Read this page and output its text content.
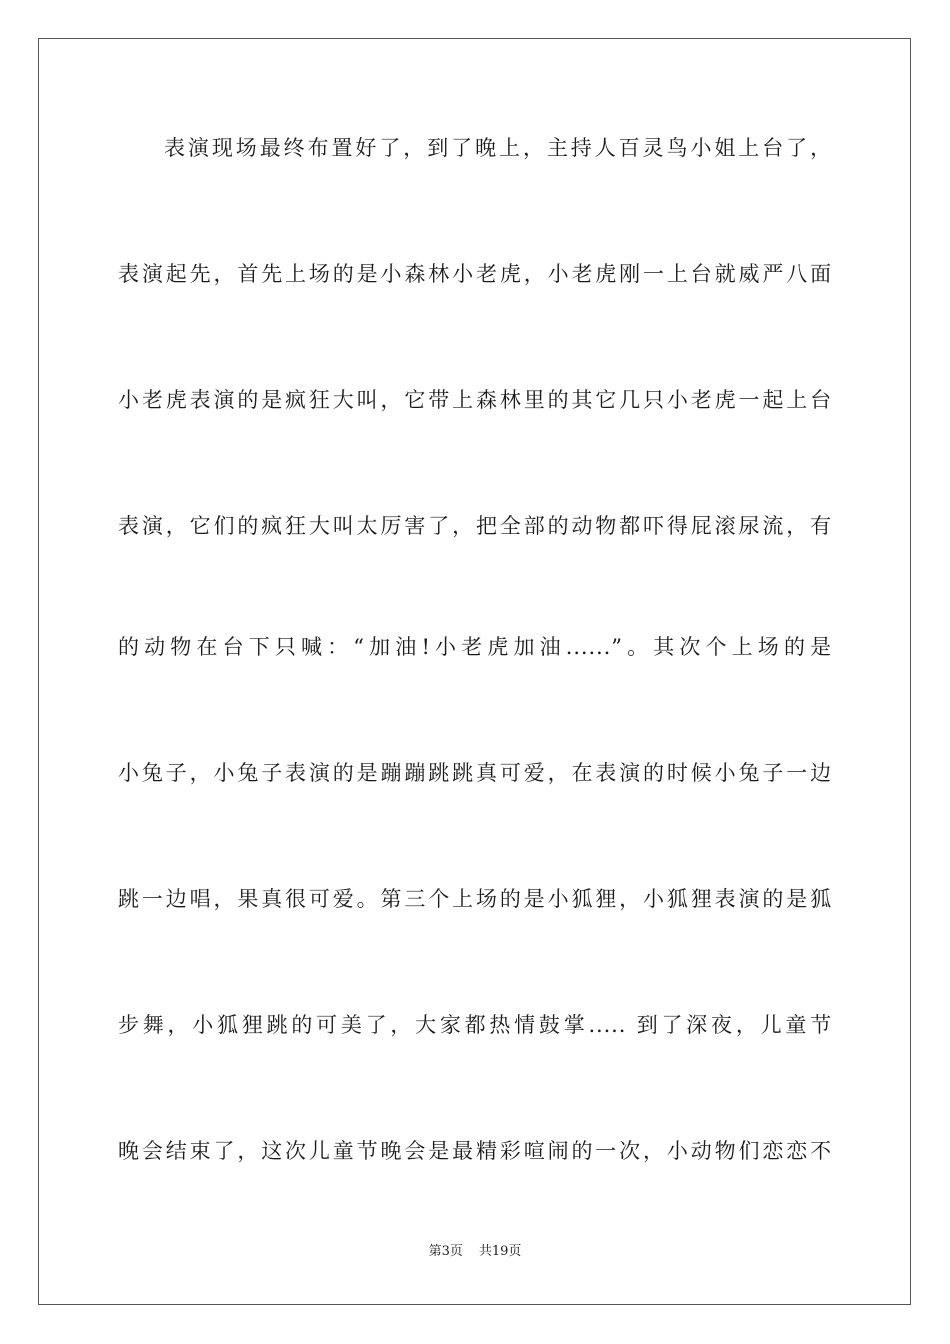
表演现场最终布置好了，到了晚上，主持人百灵鸟小姐上台了，
表演起先，首先上场的是小森林小老虎，小老虎刚一上台就威严八面
小老虎表演的是疯狂大叫，它带上森林里的其它几只小老虎一起上台
表演，它们的疯狂大叫太厉害了，把全部的动物都吓得屁滚尿流，有
的动物在台下只喊：“加油!小老虎加油......”。其次个上场的是
小兔子，小兔子表演的是蹦蹦跳跳真可爱，在表演的时候小兔子一边
跳一边唱，果真很可爱。第三个上场的是小狐狸，小狐狸表演的是狐
步舞，小狐狸跳的可美了，大家都热情鼓掌..... 到了深夜，儿童节
晚会结束了，这次儿童节晚会是最精彩喧闹的一次，小动物们恋恋不
第3页 共19页
